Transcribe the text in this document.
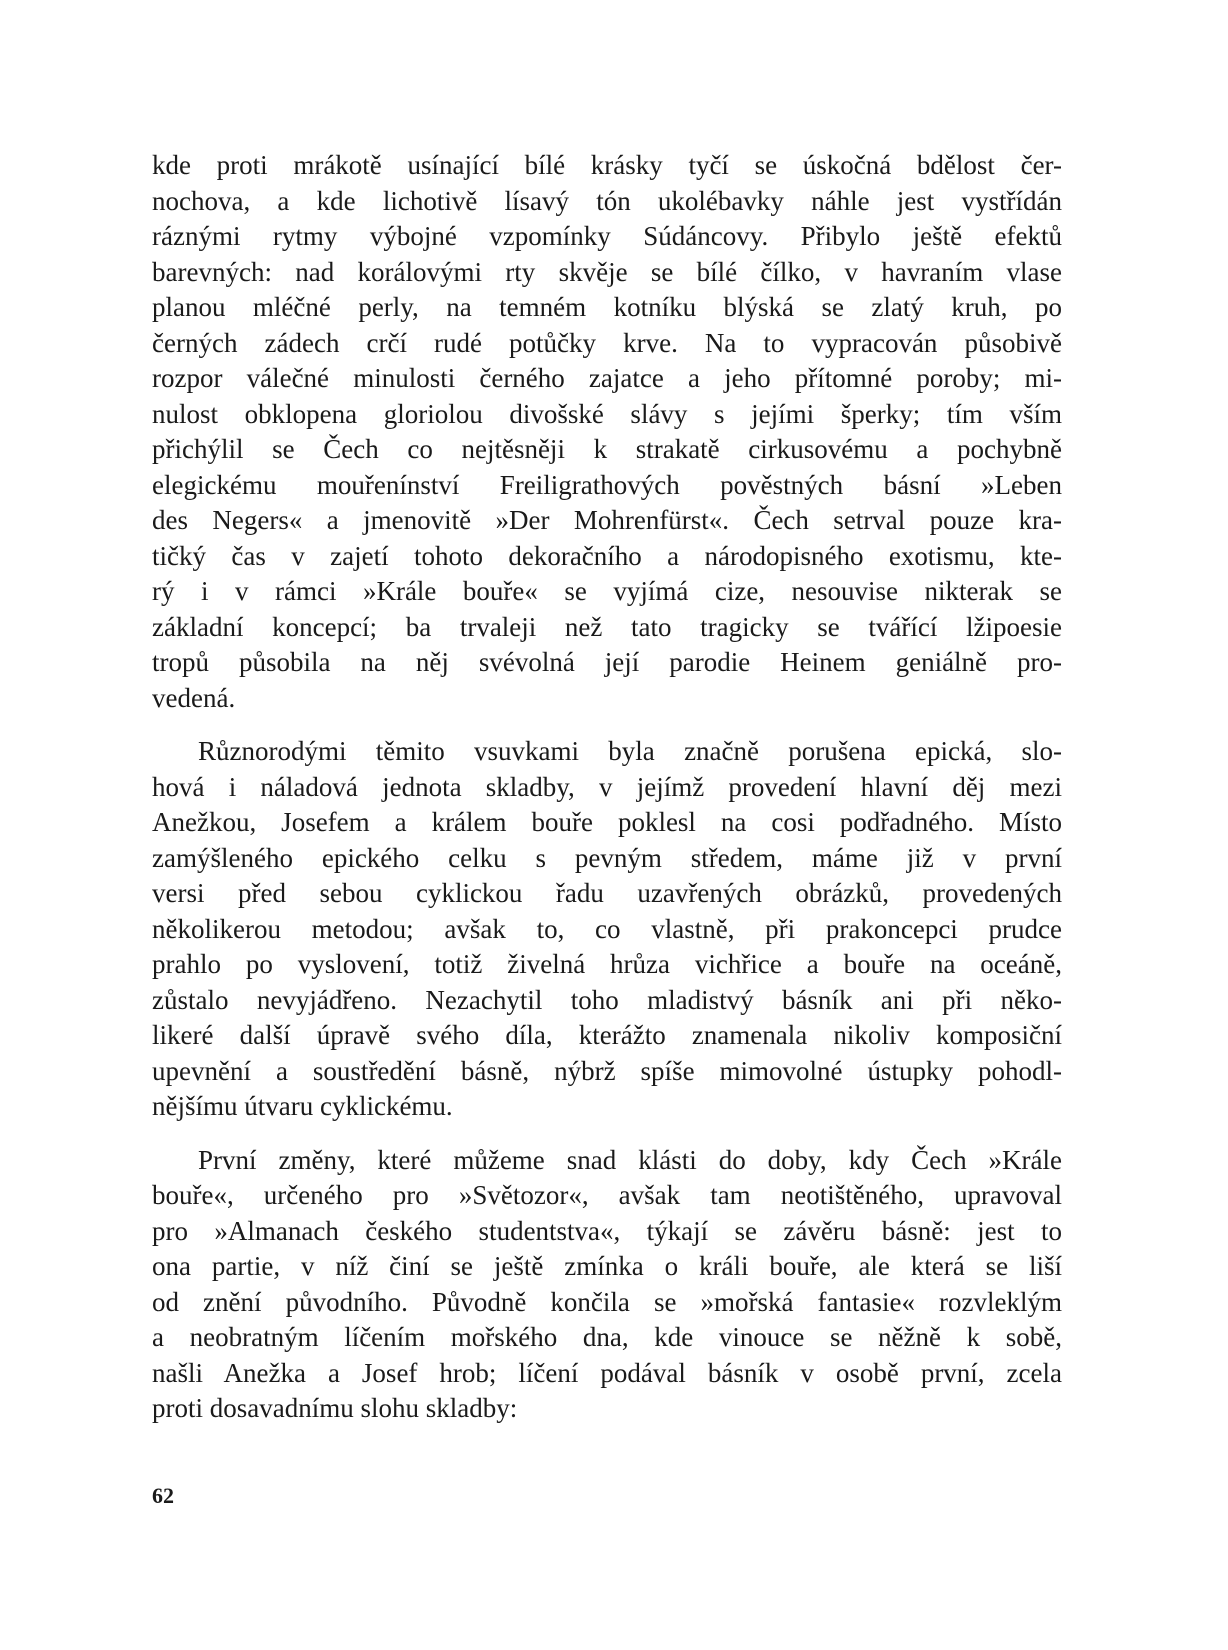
kde proti mrákotě usínající bílé krásky tyčí se úskočná bdělost čer-
nochova, a kde lichotivě lísavý tón ukolébavky náhle jest vystřídán
ráznými rytmy výbojné vzpomínky Súdáncovy. Přibylo ještě efektů
barevných: nad korálovými rty skvěje se bílé čílko, v havraním vlase
planou mléčné perly, na temném kotníku blýská se zlatý kruh, po
černých zádech crčí rudé potůčky krve. Na to vypracován působivě
rozpor válečné minulosti černého zajatce a jeho přítomné poroby; mi-
nulost obklopena gloriolou divošské slávy s jejími šperky; tím vším
přichýlil se Čech co nejtěsněji k strakatě cirkusovému a pochybně
elegickému mouřenínství Freiligrathových pověstných básní »Leben
des Negers« a jmenovitě »Der Mohrenfürst«. Čech setrval pouze kra-
tičký čas v zajetí tohoto dekoračního a národopisného exotismu, kte-
rý i v rámci »Krále bouře« se vyjímá cize, nesouvise nikterak se
základní koncepcí; ba trvaleji než tato tragicky se tvářící lžipoesie
tropů působila na něj svévolná její parodie Heinem geniálně pro-
vedená.

Různorodými těmito vsuvkami byla značně porušena epická, slo-
hová i náladová jednota skladby, v jejímž provedení hlavní děj mezi
Anežkou, Josefem a králem bouře poklesl na cosi podřadného. Místo
zamýšleného epického celku s pevným středem, máme již v první
versi před sebou cyklickou řadu uzavřených obrázků, provedených
několikerou metodou; avšak to, co vlastně, při prakoncepci prudce
prahlo po vyslovení, totiž živelná hrůza vichřice a bouře na oceáně,
zůstalo nevyjádřeno. Nezachytil toho mladistvý básník ani při něko-
likeré další úpravě svého díla, kterážto znamenala nikoliv komposiční
upevnění a soustředění básně, nýbrž spíše mimovolné ústupky pohodl-
nějšímu útvaru cyklickému.

První změny, které můžeme snad klásti do doby, kdy Čech »Krále
bouře«, určeného pro »Světozor«, avšak tam neotištěného, upravoval
pro »Almanach českého studentstva«, týkají se závěru básně: jest to
ona partie, v níž činí se ještě zmínka o králi bouře, ale která se liší
od znění původního. Původně končila se »mořská fantasie« rozvleklým
a neobratným líčením mořského dna, kde vinouce se něžně k sobě,
našli Anežka a Josef hrob; líčení podával básník v osobě první, zcela
proti dosavadnímu slohu skladby:

62
